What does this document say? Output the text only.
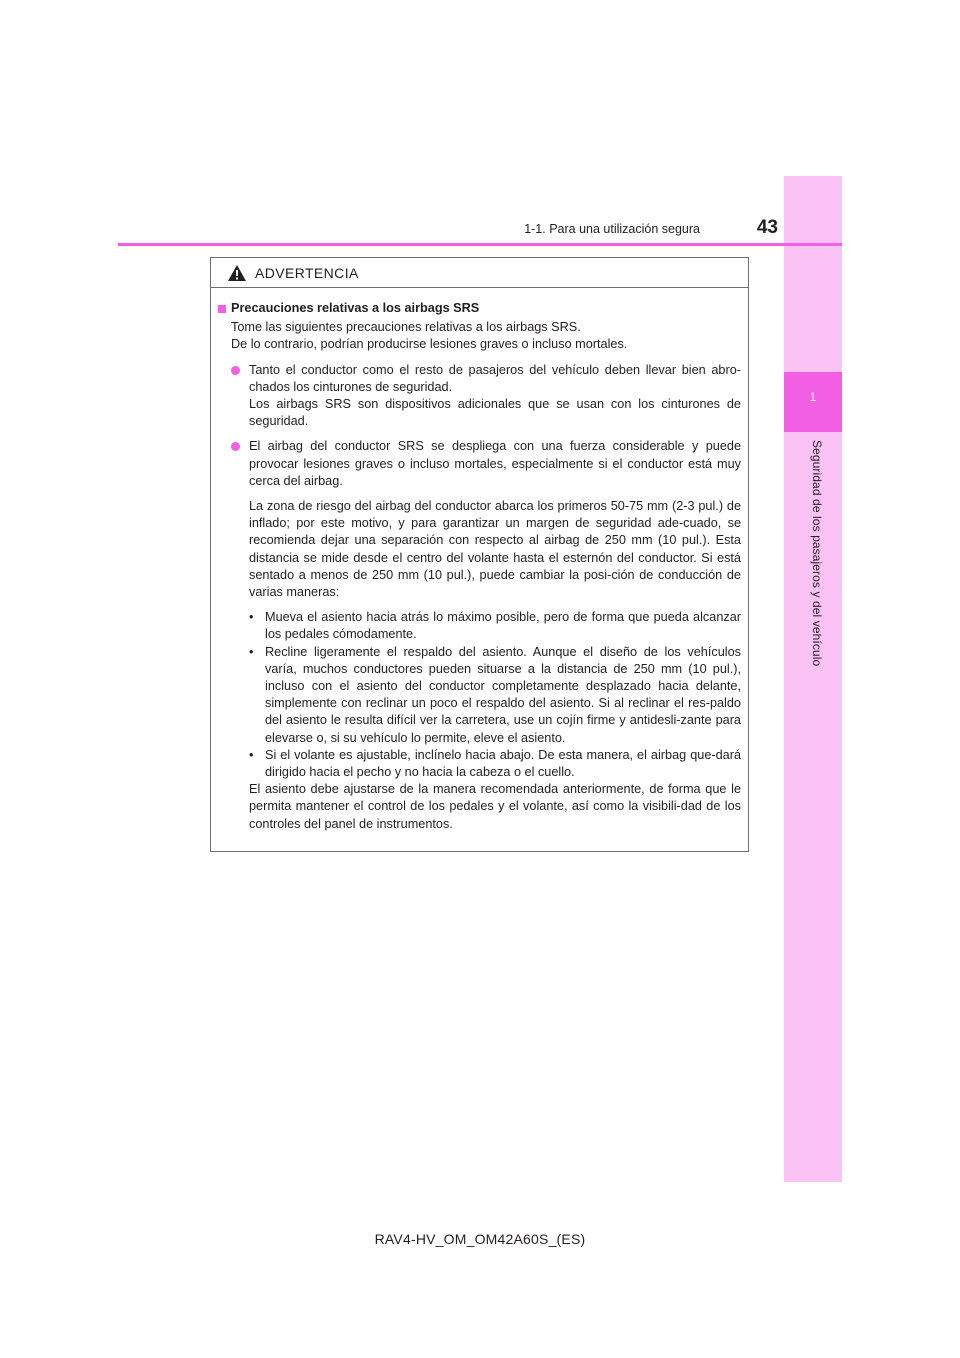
1
Seguridad de los pasajeros y del vehículo
1-1. Para una utilización segura	43
ADVERTENCIA
Precauciones relativas a los airbags SRS

Tome las siguientes precauciones relativas a los airbags SRS.

De lo contrario, podrían producirse lesiones graves o incluso mortales.

Tanto el conductor como el resto de pasajeros del vehículo deben llevar bien abro-chados los cinturones de seguridad.

Los airbags SRS son dispositivos adicionales que se usan con los cinturones de seguridad.

El airbag del conductor SRS se despliega con una fuerza considerable y puede provocar lesiones graves o incluso mortales, especialmente si el conductor está muy cerca del airbag.

La zona de riesgo del airbag del conductor abarca los primeros 50-75 mm (2-3 pul.) de inflado; por este motivo, y para garantizar un margen de seguridad ade-cuado, se recomienda dejar una separación con respecto al airbag de 250 mm (10 pul.). Esta distancia se mide desde el centro del volante hasta el esternón del conductor. Si está sentado a menos de 250 mm (10 pul.), puede cambiar la posi-ción de conducción de varias maneras:

• Mueva el asiento hacia atrás lo máximo posible, pero de forma que pueda alcanzar los pedales cómodamente.
• Recline ligeramente el respaldo del asiento. Aunque el diseño de los vehículos varía, muchos conductores pueden situarse a la distancia de 250 mm (10 pul.), incluso con el asiento del conductor completamente desplazado hacia delante, simplemente con reclinar un poco el respaldo del asiento. Si al reclinar el res-paldo del asiento le resulta difícil ver la carretera, use un cojín firme y antidesli-zante para elevarse o, si su vehículo lo permite, eleve el asiento.
• Si el volante es ajustable, inclínelo hacia abajo. De esta manera, el airbag que-dará dirigido hacia el pecho y no hacia la cabeza o el cuello.

El asiento debe ajustarse de la manera recomendada anteriormente, de forma que le permita mantener el control de los pedales y el volante, así como la visibili-dad de los controles del panel de instrumentos.

RAV4-HV_OM_OM42A60S_(ES)
